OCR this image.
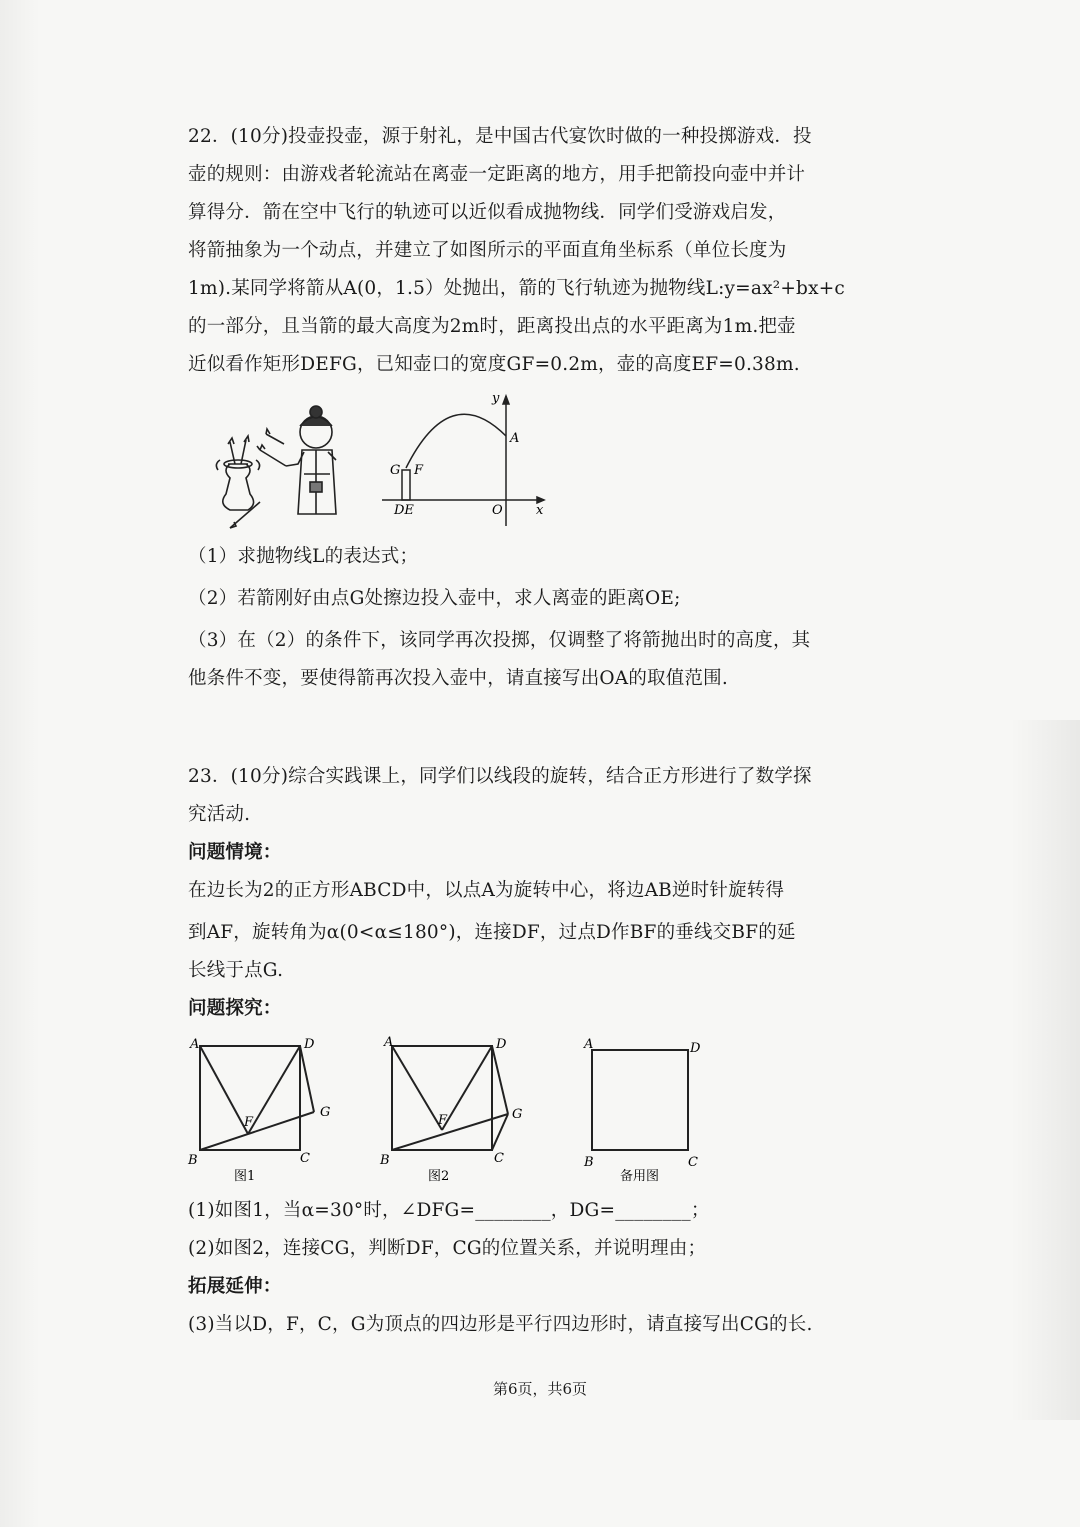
22．(10分)投壶投壶，源于射礼，是中国古代宴饮时做的一种投掷游戏．投
壶的规则：由游戏者轮流站在离壶一定距离的地方，用手把箭投向壶中并计
算得分．箭在空中飞行的轨迹可以近似看成抛物线．同学们受游戏启发，
将箭抽象为一个动点，并建立了如图所示的平面直角坐标系（单位长度为
1m).某同学将箭从A(0，1.5）处抛出，箭的飞行轨迹为抛物线L:y=ax²+bx+c
的一部分，且当箭的最大高度为2m时，距离投出点的水平距离为1m.把壶
近似看作矩形DEFG，已知壶口的宽度GF=0.2m，壶的高度EF=0.38m.
y
x
A
O
G F
DE
（1）求抛物线L的表达式；
（2）若箭刚好由点G处擦边投入壶中，求人离壶的距离OE;
（3）在（2）的条件下，该同学再次投掷，仅调整了将箭抛出时的高度，其
他条件不变，要使得箭再次投入壶中，请直接写出OA的取值范围.
23．(10分)综合实践课上，同学们以线段的旋转，结合正方形进行了数学探
究活动.
问题情境：
在边长为2的正方形ABCD中，以点A为旋转中心，将边AB逆时针旋转得
到AF，旋转角为α(0<α≤180°)，连接DF，过点D作BF的垂线交BF的延
长线于点G.
问题探究：
A	D
B	C
F
G
图1
A	D
B	C
F	G
图2
A	D
B	C
备用图
(1)如图1，当α=30°时，∠DFG=________，DG=________；
(2)如图2，连接CG，判断DF，CG的位置关系，并说明理由；
拓展延伸：
(3)当以D，F，C，G为顶点的四边形是平行四边形时，请直接写出CG的长.
第6页，共6页
